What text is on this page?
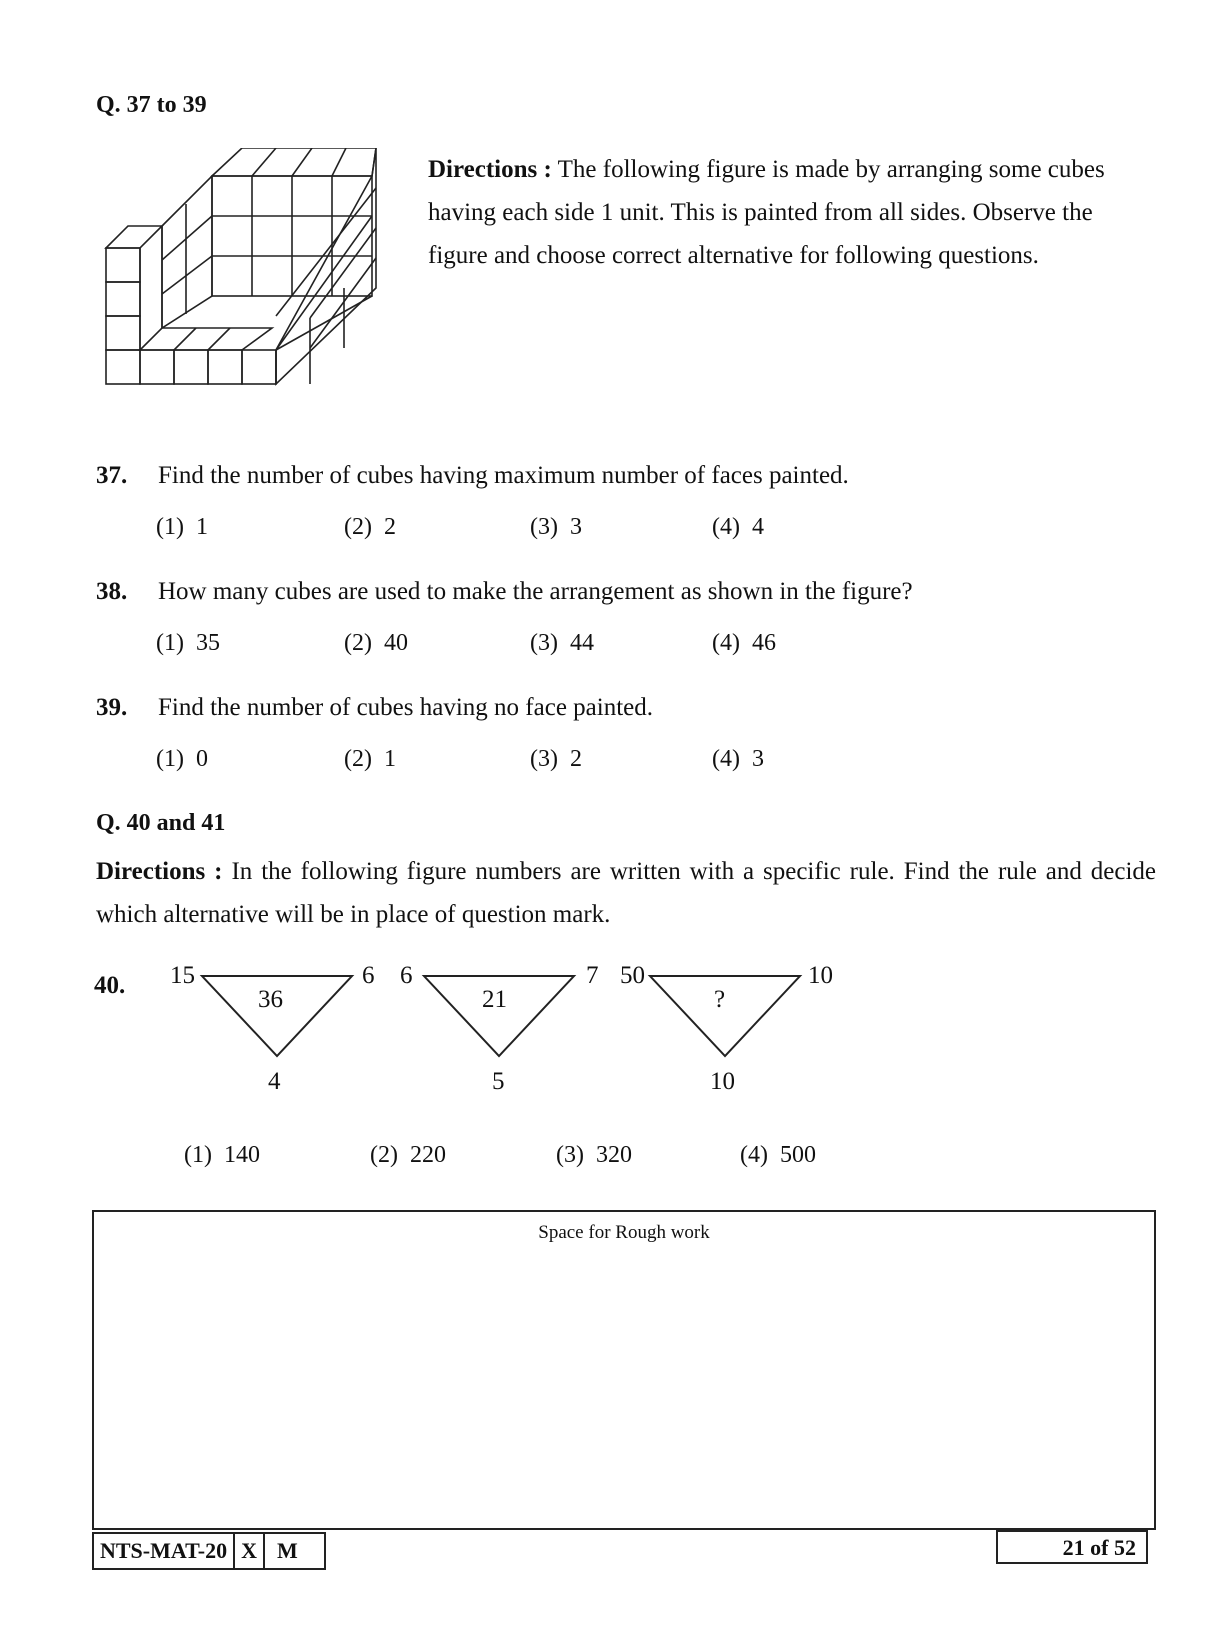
Q. 37 to 39
Directions : The following figure is made by arranging some cubes having each side 1 unit. This is painted from all sides. Observe the figure and choose correct alternative for following questions.
37. Find the number of cubes having maximum number of faces painted.
(1)  1	(2)  2	(3)  3	(4)  4
38. How many cubes are used to make the arrangement as shown in the figure?
(1)  35	(2)  40	(3)  44	(4)  46
39. Find the number of cubes having no face painted.
(1)  0	(2)  1	(3)  2	(4)  3
Q. 40 and 41
Directions : In the following figure numbers are written with a specific rule. Find the rule and decide which alternative will be in place of question mark.
40. 15	6
36
4
6	7
21
5
50	10
?
10
(1)  140	(2)  220	(3)  320	(4)  500
Space for Rough work
NTS-MAT-20 X M	21 of 52
